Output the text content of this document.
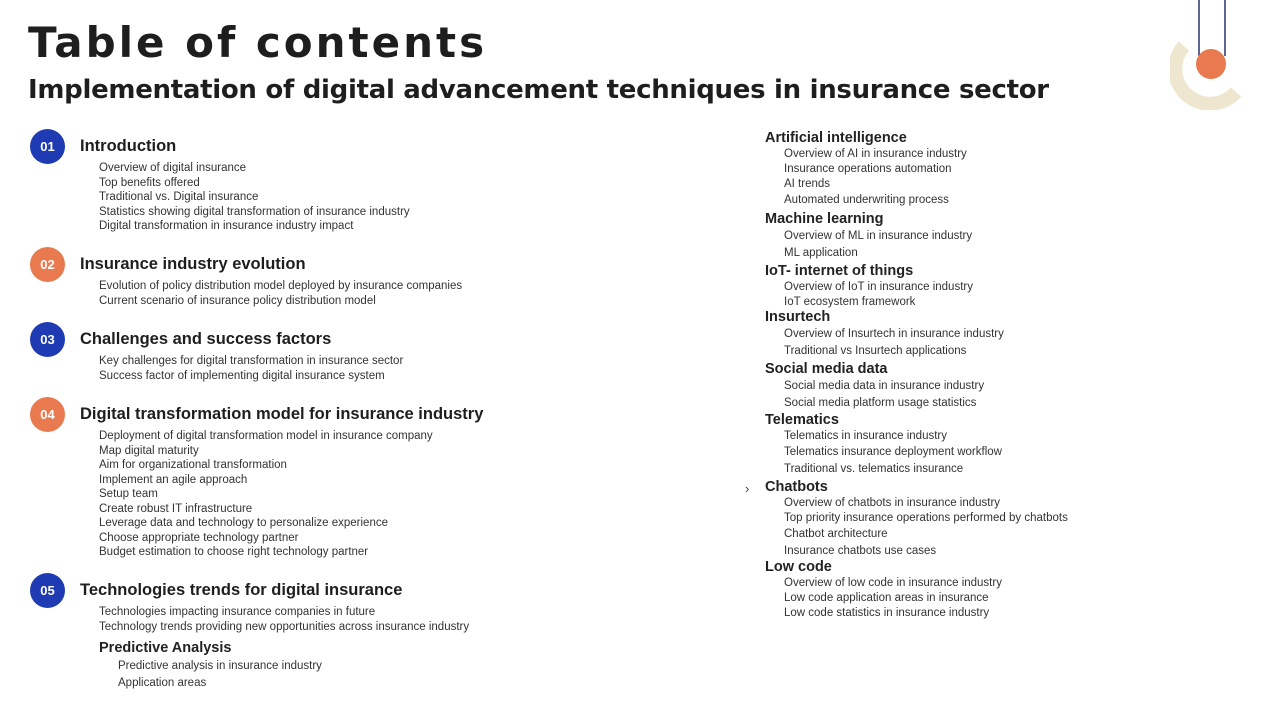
Table of contents
Implementation of digital advancement techniques in insurance sector
›
01	Introduction
Overview of digital insurance
Top benefits offered
Traditional vs. Digital insurance
Statistics showing digital transformation of insurance industry
Digital transformation in insurance industry impact
02	Insurance industry evolution
Evolution of policy distribution model deployed by insurance companies
Current scenario of insurance policy distribution model
03	Challenges and success factors
Key challenges for digital transformation in insurance sector
Success factor of implementing digital insurance system
04	Digital transformation model for insurance industry
Deployment of digital transformation model in insurance company
Map digital maturity
Aim for organizational transformation
Implement an agile approach
Setup team
Create robust IT infrastructure
Leverage data and technology to personalize experience
Choose appropriate technology partner
Budget estimation to choose right technology partner
05	Technologies trends for digital insurance
Technologies impacting insurance companies in future
Technology trends providing new opportunities across insurance industry
Predictive Analysis
Predictive analysis in insurance industry
Application areas
Artificial intelligence
Overview of AI in insurance industry
Insurance operations automation
AI trends
Automated underwriting process
Machine learning
Overview of ML in insurance industry
ML application
IoT- internet of things
Overview of IoT in insurance industry
IoT ecosystem framework
Insurtech
Overview of Insurtech in insurance industry
Traditional vs Insurtech applications
Social media data
Social media data in insurance industry
Social media platform usage statistics
Telematics
Telematics in insurance industry
Telematics insurance deployment workflow
Traditional vs. telematics insurance
Chatbots
Overview of chatbots in insurance industry
Top priority insurance operations performed by chatbots
Chatbot architecture
Insurance chatbots use cases
Low code
Overview of low code in insurance industry
Low code application areas in insurance
Low code statistics in insurance industry
